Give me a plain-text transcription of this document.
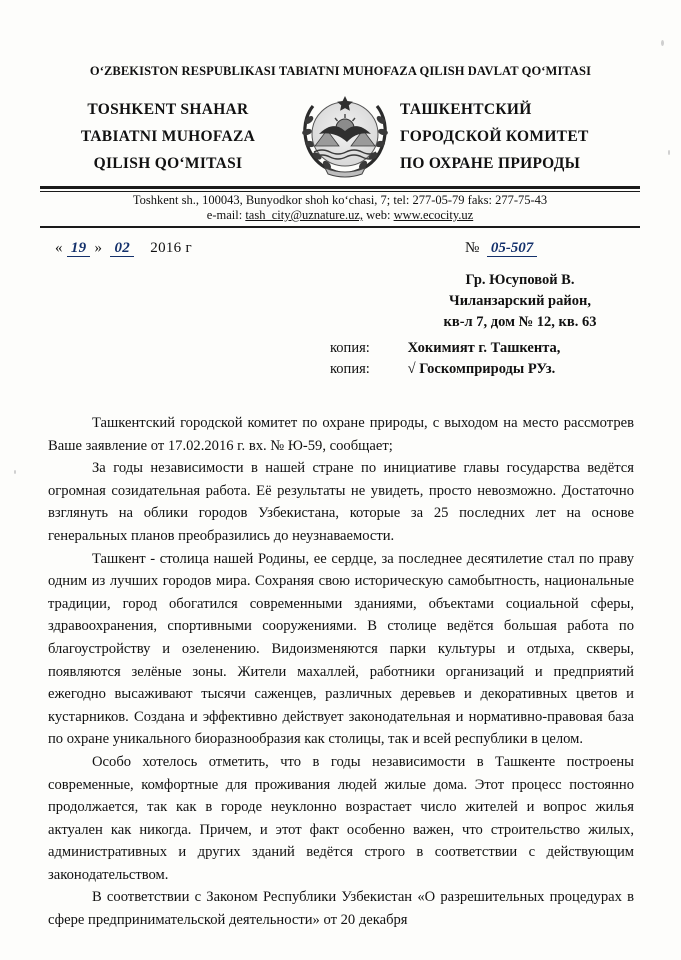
O‘ZBEKISTON RESPUBLIKASI TABIATNI MUHOFAZA QILISH DAVLAT QO‘MITASI
TOSHKENT SHAHAR
TABIATNI MUHOFAZA
QILISH QO‘MITASI
ТАШКЕНТСКИЙ
ГОРОДСКОЙ КОМИТЕТ
ПО ОХРАНЕ ПРИРОДЫ
Toshkent sh., 100043, Bunyodkor shoh ko‘chasi, 7; tel: 277-05-79 faks: 277-75-43
e-mail: tash_city@uznature.uz, web: www.ecocity.uz
« 19 » 02 2016 г	№ 05-507
Гр. Юсуповой В.
Чиланзарский район,
кв-л 7, дом № 12, кв. 63
копия:	Хокимият г. Ташкента,
копия:	√ Госкомприроды РУз.

Ташкентский городской комитет по охране природы, с выходом на место рассмотрев Ваше заявление от 17.02.2016 г. вх. № Ю-59, сообщает;

За годы независимости в нашей стране по инициативе главы государства ведётся огромная созидательная работа. Её результаты не увидеть, просто невозможно. Достаточно взглянуть на облики городов Узбекистана, которые за 25 последних лет на основе генеральных планов преобразились до неузнаваемости.

Ташкент - столица нашей Родины, ее сердце, за последнее десятилетие стал по праву одним из лучших городов мира. Сохраняя свою историческую самобытность, национальные традиции, город обогатился современными зданиями, объектами социальной сферы, здравоохранения, спортивными сооружениями. В столице ведётся большая работа по благоустройству и озеленению. Видоизменяются парки культуры и отдыха, скверы, появляются зелёные зоны. Жители махаллей, работники организаций и предприятий ежегодно высаживают тысячи саженцев, различных деревьев и декоративных цветов и кустарников. Создана и эффективно действует законодательная и нормативно-правовая база по охране уникального биоразнообразия как столицы, так и всей республики в целом.

Особо хотелось отметить, что в годы независимости в Ташкенте построены современные, комфортные для проживания людей жилые дома. Этот процесс постоянно продолжается, так как в городе неуклонно возрастает число жителей и вопрос жилья актуален как никогда. Причем, и этот факт особенно важен, что строительство жилых, административных и других зданий ведётся строго в соответствии с действующим законодательством.

В соответствии с Законом Республики Узбекистан «О разрешительных процедурах в сфере предпринимательской деятельности» от 20 декабря
